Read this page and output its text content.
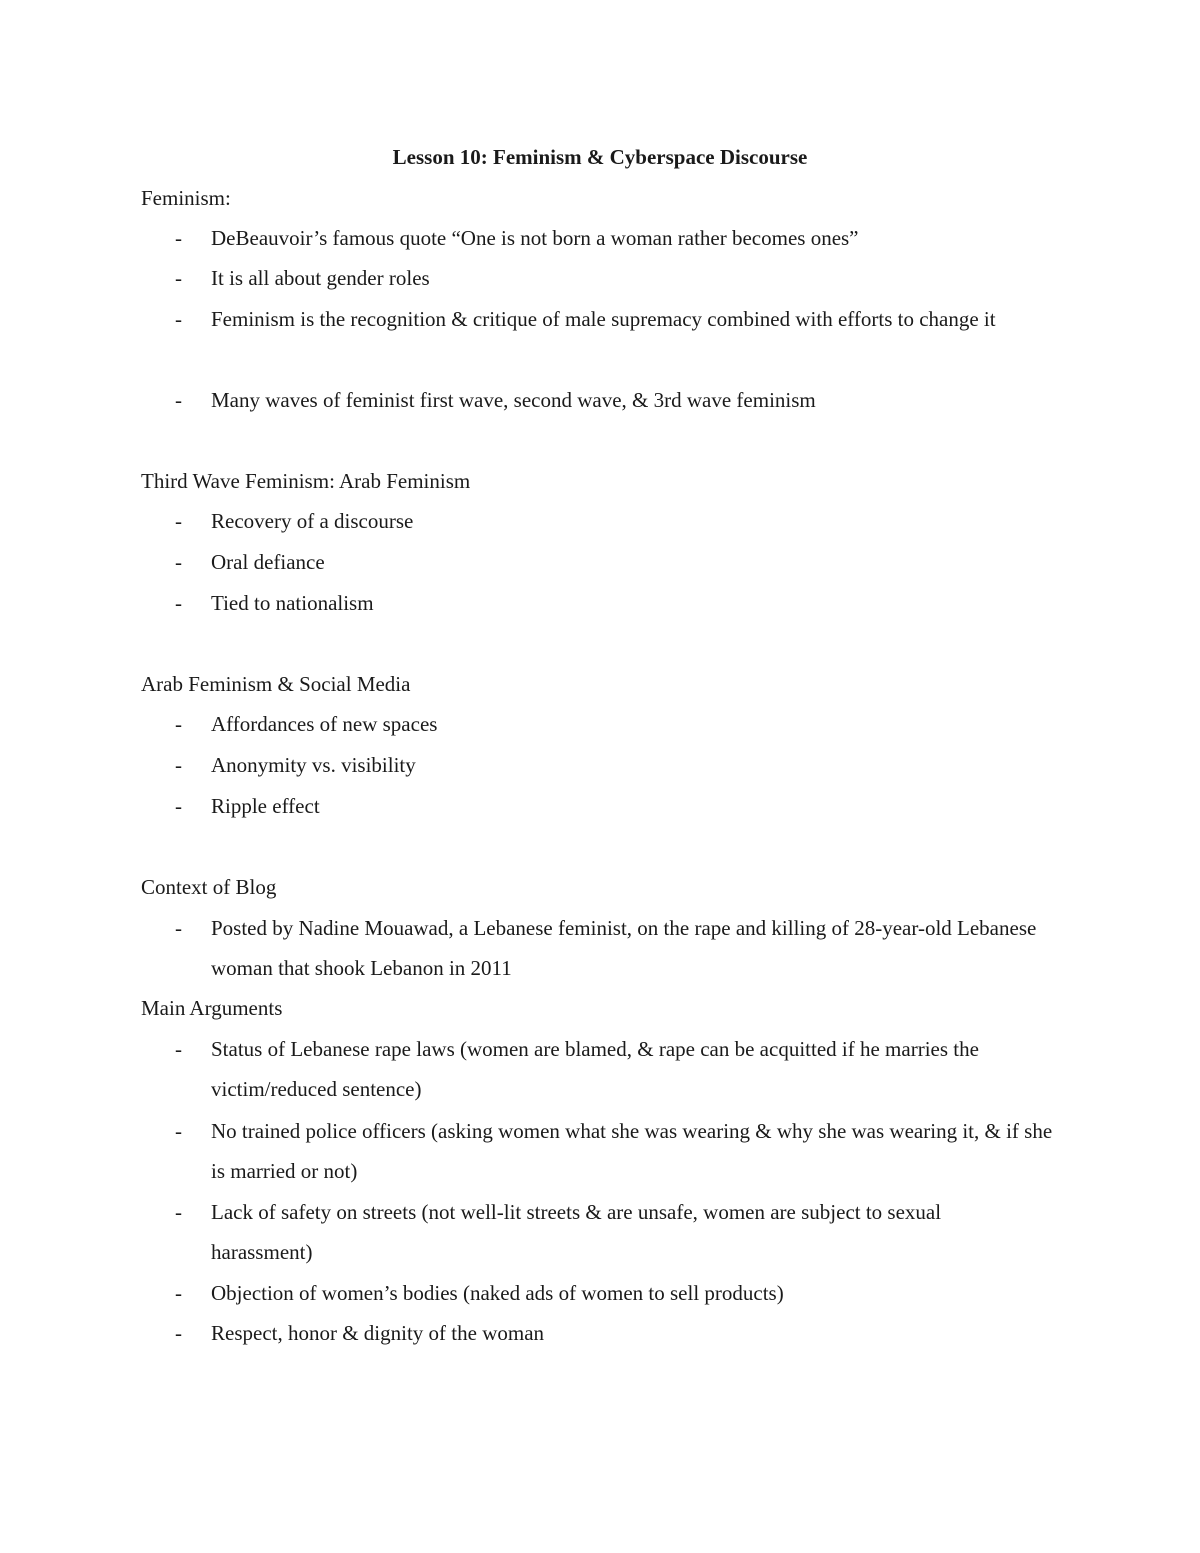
Lesson 10: Feminism & Cyberspace Discourse
Feminism:
- DeBeauvoir’s famous quote “One is not born a woman rather becomes ones”
- It is all about gender roles
- Feminism is the recognition & critique of male supremacy combined with efforts to change it
- Many waves of feminist first wave, second wave, & 3rd wave feminism
Third Wave Feminism: Arab Feminism
- Recovery of a discourse
- Oral defiance
- Tied to nationalism
Arab Feminism & Social Media
- Affordances of new spaces
- Anonymity vs. visibility
- Ripple effect
Context of Blog
- Posted by Nadine Mouawad, a Lebanese feminist, on the rape and killing of 28-year-old Lebanese woman that shook Lebanon in 2011
Main Arguments
- Status of Lebanese rape laws (women are blamed, & rape can be acquitted if he marries the victim/reduced sentence)
- No trained police officers (asking women what she was wearing & why she was wearing it, & if she is married or not)
- Lack of safety on streets (not well-lit streets & are unsafe, women are subject to sexual harassment)
- Objection of women’s bodies (naked ads of women to sell products)
- Respect, honor & dignity of the woman
